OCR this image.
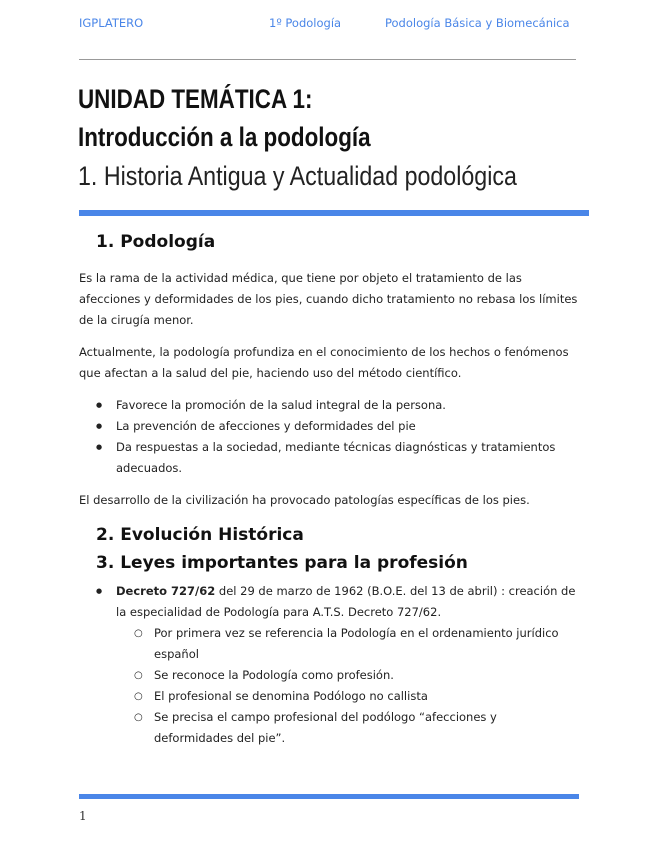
IGPLATERO	1º Podología	Podología Básica y Biomecánica
UNIDAD TEMÁTICA 1:
Introducción a la podología
1. Historia Antigua y Actualidad podológica
1. Podología

Es la rama de la actividad médica, que tiene por objeto el tratamiento de las afecciones y deformidades de los pies, cuando dicho tratamiento no rebasa los límites de la cirugía menor.

Actualmente, la podología profundiza en el conocimiento de los hechos o fenómenos que afectan a la salud del pie, haciendo uso del método científico.

● Favorece la promoción de la salud integral de la persona.
● La prevención de afecciones y deformidades del pie
● Da respuestas a la sociedad, mediante técnicas diagnósticas y tratamientos adecuados.

El desarrollo de la civilización ha provocado patologías específicas de los pies.

2. Evolución Histórica
3. Leyes importantes para la profesión
● Decreto 727/62 del 29 de marzo de 1962 (B.O.E. del 13 de abril) : creación de la especialidad de Podología para A.T.S. Decreto 727/62.
○ Por primera vez se referencia la Podología en el ordenamiento jurídico español
○ Se reconoce la Podología como profesión.
○ El profesional se denomina Podólogo no callista
○ Se precisa el campo profesional del podólogo “afecciones y deformidades del pie”.
1
